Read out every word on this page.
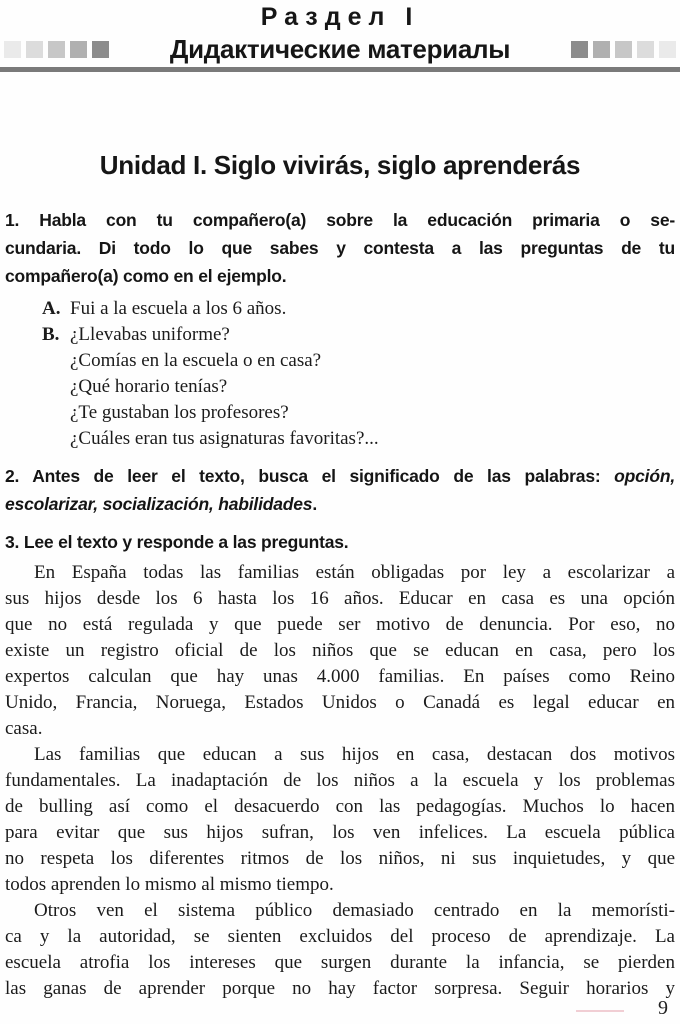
Раздел I
Дидактические материалы
Unidad I. Siglo vivirás, siglo aprenderás
1. Habla con tu compañero(a) sobre la educación primaria o se-
cundaria. Di todo lo que sabes y contesta a las preguntas de tu
compañero(a) como en el ejemplo.
A. Fui a la escuela a los 6 años.
B. ¿Llevabas uniforme?
¿Comías en la escuela o en casa?
¿Qué horario tenías?
¿Te gustaban los profesores?
¿Cuáles eran tus asignaturas favoritas?...
2. Antes de leer el texto, busca el significado de las palabras: opción,
escolarizar, socialización, habilidades.
3. Lee el texto y responde a las preguntas.
En España todas las familias están obligadas por ley a escolarizar a
sus hijos desde los 6 hasta los 16 años. Educar en casa es una opción
que no está regulada y que puede ser motivo de denuncia. Por eso, no
existe un registro oficial de los niños que se educan en casa, pero los
expertos calculan que hay unas 4.000 familias. En países como Reino
Unido, Francia, Noruega, Estados Unidos o Canadá es legal educar en
casa.
Las familias que educan a sus hijos en casa, destacan dos motivos
fundamentales. La inadaptación de los niños a la escuela y los problemas
de bulling así como el desacuerdo con las pedagogías. Muchos lo hacen
para evitar que sus hijos sufran, los ven infelices. La escuela pública
no respeta los diferentes ritmos de los niños, ni sus inquietudes, y que
todos aprenden lo mismo al mismo tiempo.
Otros ven el sistema público demasiado centrado en la memorísti-
ca y la autoridad, se sienten excluidos del proceso de aprendizaje. La
escuela atrofia los intereses que surgen durante la infancia, se pierden
las ganas de aprender porque no hay factor sorpresa. Seguir horarios y
9
